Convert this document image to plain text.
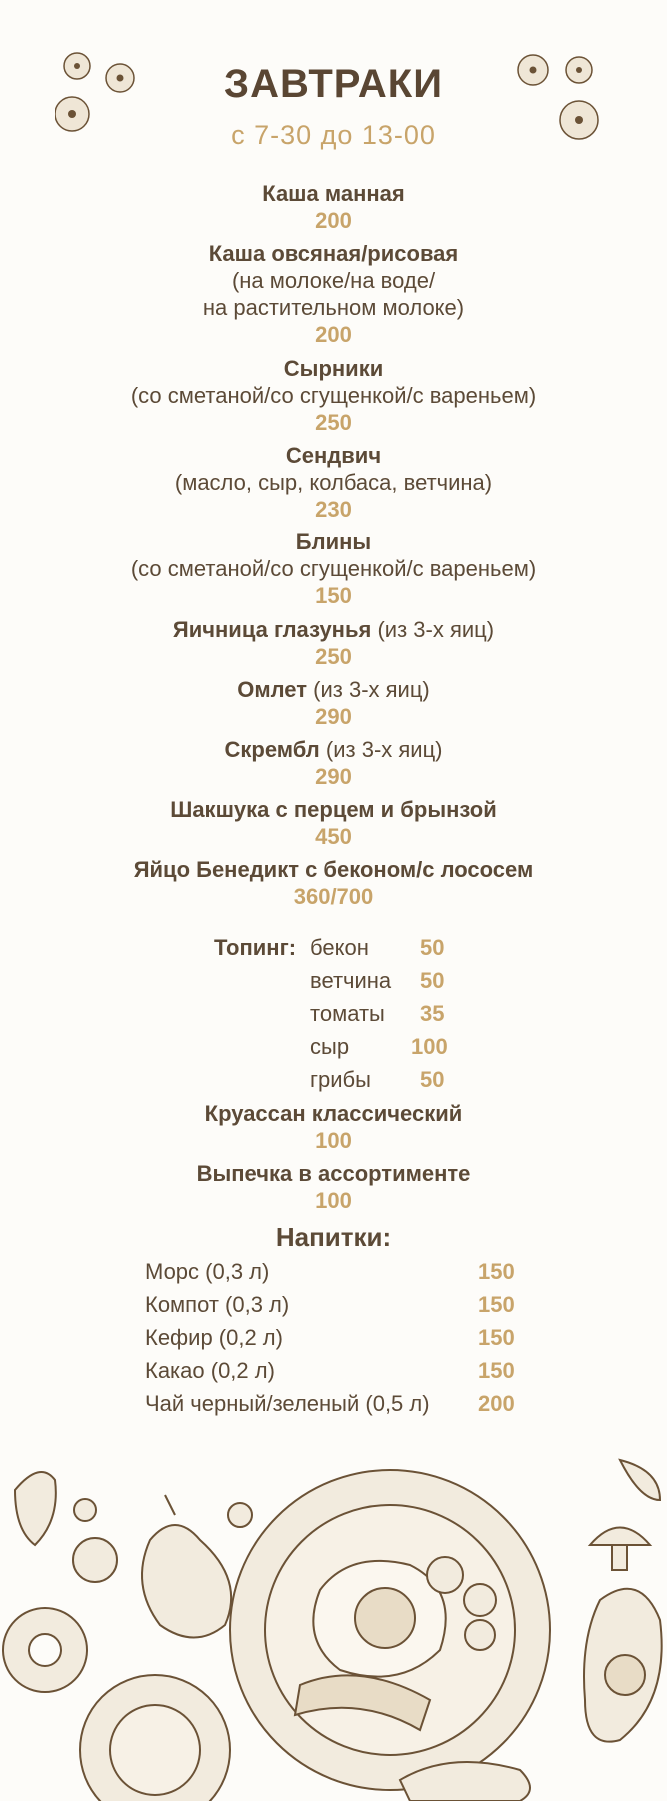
ЗАВТРАКИ
с 7-30 до 13-00
Каша манная
200
Каша овсяная/рисовая
(на молоке/на воде/
на растительном молоке)
200
Сырники
(со сметаной/со сгущенкой/с вареньем)
250
Сендвич
(масло, сыр, колбаса, ветчина)
230
Блины
(со сметаной/со сгущенкой/с вареньем)
150
Яичница глазунья (из 3-х яиц)
250
Омлет (из 3-х яиц)
290
Скрембл (из 3-х яиц)
290
Шакшука с перцем и брынзой
450
Яйцо Бенедикт с беконом/с лососем
360/700
Топинг: бекон 50
ветчина 50
томаты 35
сыр	100
грибы 50
Круассан классический
100
Выпечка в ассортименте
100
Напитки:
Морс (0,3 л)	150
Компот (0,3 л)	150
Кефир (0,2 л)	150
Какао (0,2 л)	150
Чай черный/зеленый (0,5 л) 200
